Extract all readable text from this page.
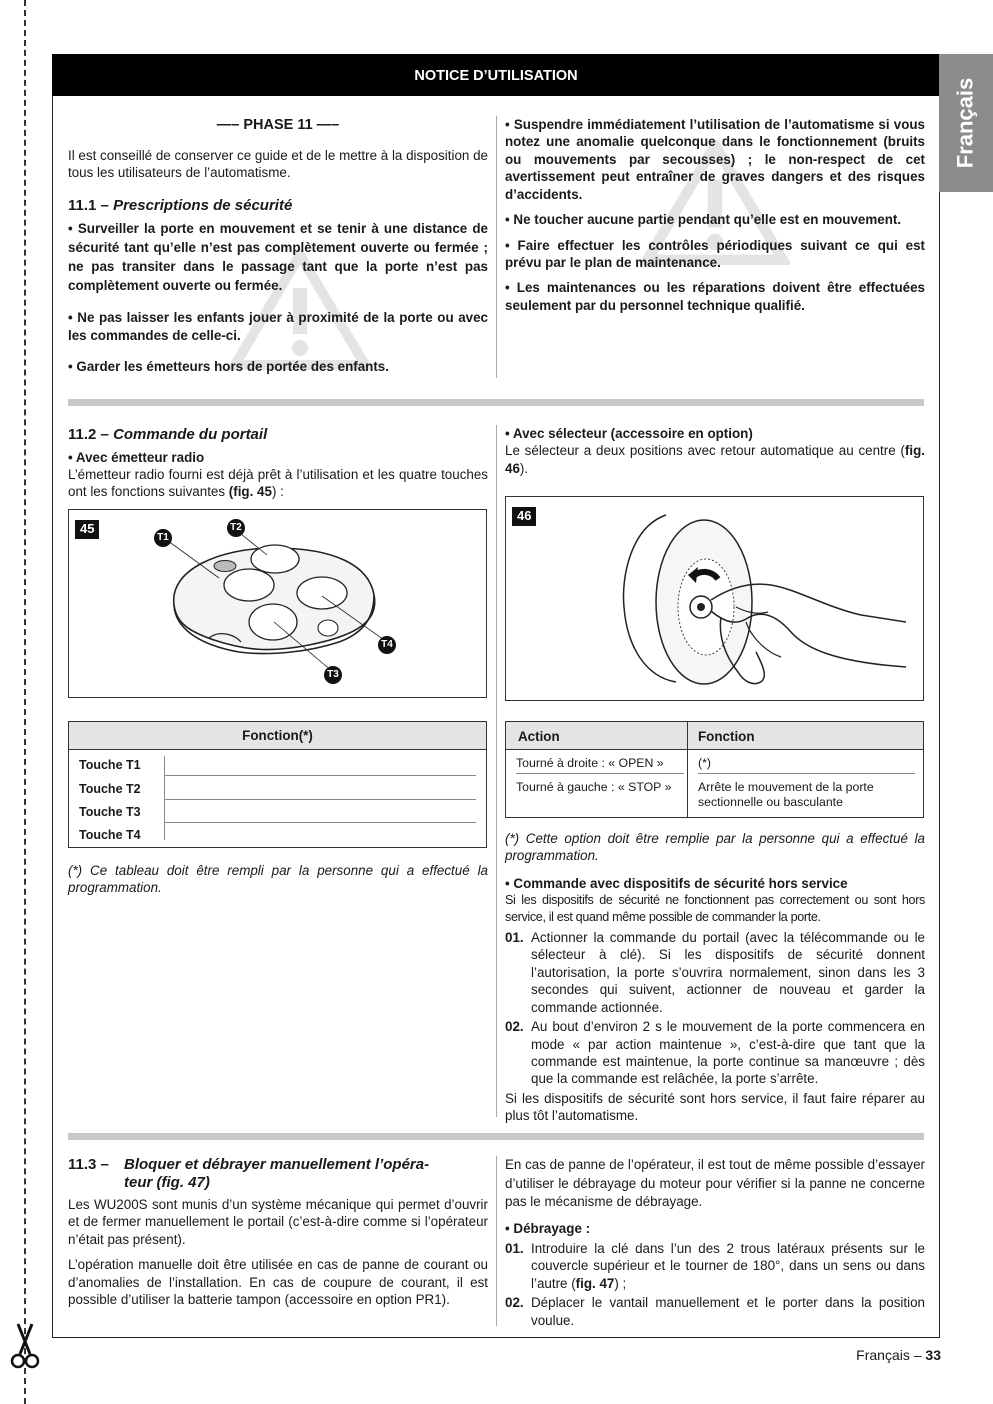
NOTICE D’UTILISATION
Français
—– PHASE 11 —–

Il est conseillé de conserver ce guide et de le mettre à la disposition de tous les utilisateurs de l’automatisme.

11.1 – Prescriptions de sécurité
• Surveiller la porte en mouvement et se tenir à une distance de sécurité tant qu’elle n’est pas complètement ouverte ou fermée ; ne pas transiter dans le passage tant que la porte n’est pas complètement ouverte ou fermée.
• Ne pas laisser les enfants jouer à proximité de la porte ou avec les commandes de celle-ci.
• Garder les émetteurs hors de portée des enfants.
• Suspendre immédiatement l’utilisation de l’automatisme si vous notez une anomalie quelconque dans le fonctionnement (bruits ou mouvements par secousses) ; le non-respect de cet avertissement peut entraîner de graves dangers et des risques d’accidents.
• Ne toucher aucune partie pendant qu’elle est en mouvement.
• Faire effectuer les contrôles périodiques suivant ce qui est prévu par le plan de maintenance.
• Les maintenances ou les réparations doivent être effectuées seulement par du personnel technique qualifié.
11.2 – Commande du portail
• Avec émetteur radio
L’émetteur radio fourni est déjà prêt à l’utilisation et les quatre touches ont les fonctions suivantes (fig. 45) :
• Avec sélecteur (accessoire en option)
Le sélecteur a deux positions avec retour automatique au centre (fig. 46).
45
T1
T2
T3
T4
46
Fonction(*)
Touche T1
Touche T2
Touche T3
Touche T4
(*) Ce tableau doit être rempli par la personne qui a effectué la programmation.
Action	Fonction
Tourné à droite : « OPEN »	(*)
Tourné à gauche : « STOP »	Arrête le mouvement de la porte sectionnelle ou basculante

(*) Cette option doit être remplie par la personne qui a effectué la programmation.

• Commande avec dispositifs de sécurité hors service
Si les dispositifs de sécurité ne fonctionnent pas correctement ou sont hors service, il est quand même possible de commander la porte.
01. Actionner la commande du portail (avec la télécommande ou le sélecteur à clé). Si les dispositifs de sécurité donnent l’autorisation, la porte s’ouvrira normalement, sinon dans les 3 secondes qui suivent, actionner de nouveau et garder la commande actionnée.
02. Au bout d’environ 2 s le mouvement de la porte commencera en mode « par action maintenue », c’est-à-dire que tant que la commande est maintenue, la porte continue sa manœuvre ; dès que la commande est relâchée, la porte s’arrête.
Si les dispositifs de sécurité sont hors service, il faut faire réparer au plus tôt l’automatisme.
11.3 – Bloquer et débrayer manuellement l’opéra-
teur (fig. 47)

Les WU200S sont munis d’un système mécanique qui permet d’ouvrir et de fermer manuellement le portail (c’est-à-dire comme si l’opérateur n’était pas présent).

L’opération manuelle doit être utilisée en cas de panne de courant ou d’anomalies de l’installation. En cas de coupure de courant, il est possible d’utiliser la batterie tampon (accessoire en option PR1).

En cas de panne de l’opérateur, il est tout de même possible d’essayer d’utiliser le débrayage du moteur pour vérifier si la panne ne concerne pas le mécanisme de débrayage.

• Débrayage :
01. Introduire la clé dans l’un des 2 trous latéraux présents sur le couvercle supérieur et le tourner de 180°, dans un sens ou dans l’autre (fig. 47) ;
02. Déplacer le vantail manuellement et le porter dans la position voulue.
Français – 33
